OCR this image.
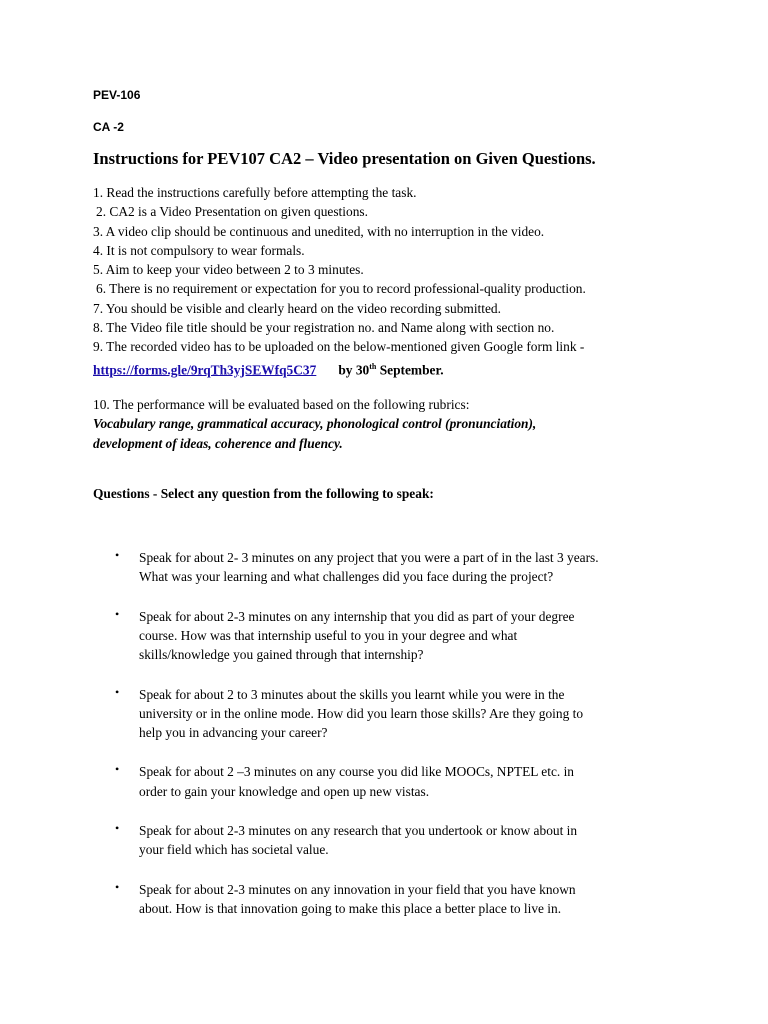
PEV-106
CA -2
Instructions for PEV107 CA2 – Video presentation on Given Questions.
1. Read the instructions carefully before attempting the task.
2. CA2 is a Video Presentation on given questions.
3. A video clip should be continuous and unedited, with no interruption in the video.
4. It is not compulsory to wear formals.
5. Aim to keep your video between 2 to 3 minutes.
6. There is no requirement or expectation for you to record professional-quality production.
7. You should be visible and clearly heard on the video recording submitted.
8. The Video file title should be your registration no. and Name along with section no.
9. The recorded video has to be uploaded on the below-mentioned given Google form link -
https://forms.gle/9rqTh3yjSEWfq5C37 by 30th September.
10. The performance will be evaluated based on the following rubrics:
Vocabulary range, grammatical accuracy, phonological control (pronunciation),
development of ideas, coherence and fluency.
Questions - Select any question from the following to speak:
• Speak for about 2- 3 minutes on any project that you were a part of in the last 3 years.
What was your learning and what challenges did you face during the project?
• Speak for about 2-3 minutes on any internship that you did as part of your degree
course. How was that internship useful to you in your degree and what
skills/knowledge you gained through that internship?
• Speak for about 2 to 3 minutes about the skills you learnt while you were in the
university or in the online mode. How did you learn those skills? Are they going to
help you in advancing your career?
• Speak for about 2 –3 minutes on any course you did like MOOCs, NPTEL etc. in
order to gain your knowledge and open up new vistas.
• Speak for about 2-3 minutes on any research that you undertook or know about in
your field which has societal value.
• Speak for about 2-3 minutes on any innovation in your field that you have known
about. How is that innovation going to make this place a better place to live in.
